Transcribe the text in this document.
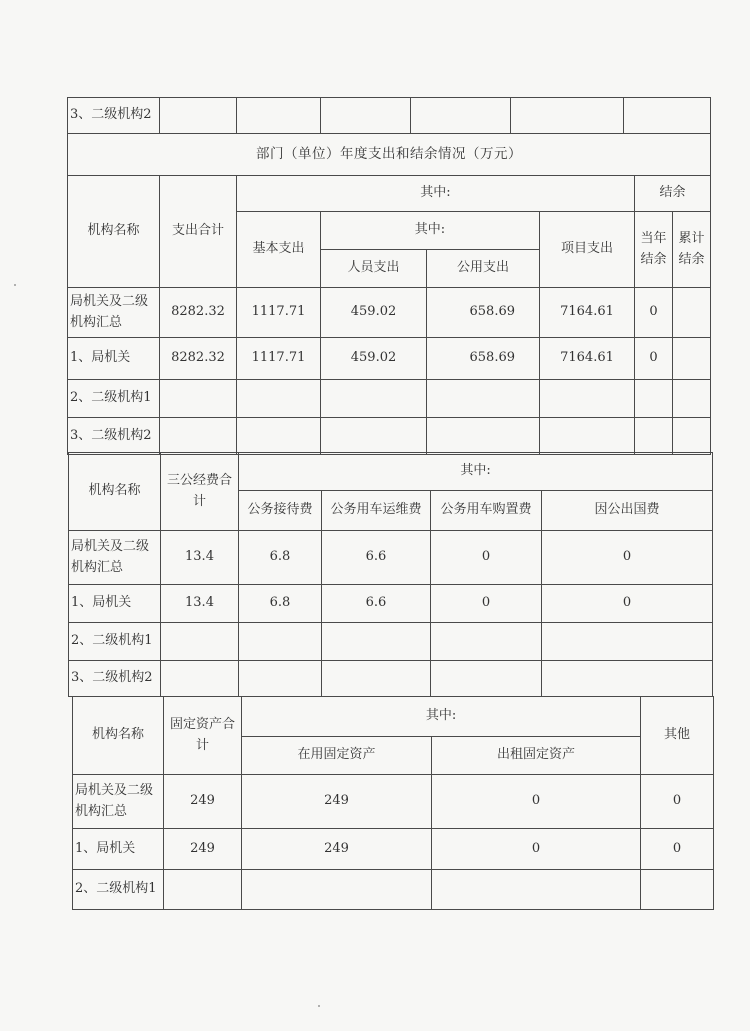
3、二级机构2						
部门（单位）年度支出和结余情况（万元）							
机构名称	支出合计	其中:				结余	
		基本支出	其中:		项目支出	当年结余	累计结余
			人员支出	公用支出			
局机关及二级机构汇总	8282.32	1117.71	459.02	658.69	7164.61	0	
1、局机关	8282.32	1117.71	459.02	658.69	7164.61	0	
2、二级机构1							
3、二级机构2							
机构名称	三公经费合计	其中:			
		公务接待费	公务用车运维费	公务用车购置费	因公出国费
局机关及二级机构汇总	13.4	6.8	6.6	0	0
1、局机关	13.4	6.8	6.6	0	0
2、二级机构1					
3、二级机构2					
机构名称	固定资产合计	其中:		其他
		在用固定资产	出租固定资产	
局机关及二级机构汇总	249	249	0	0
1、局机关	249	249	0	0
2、二级机构1				
